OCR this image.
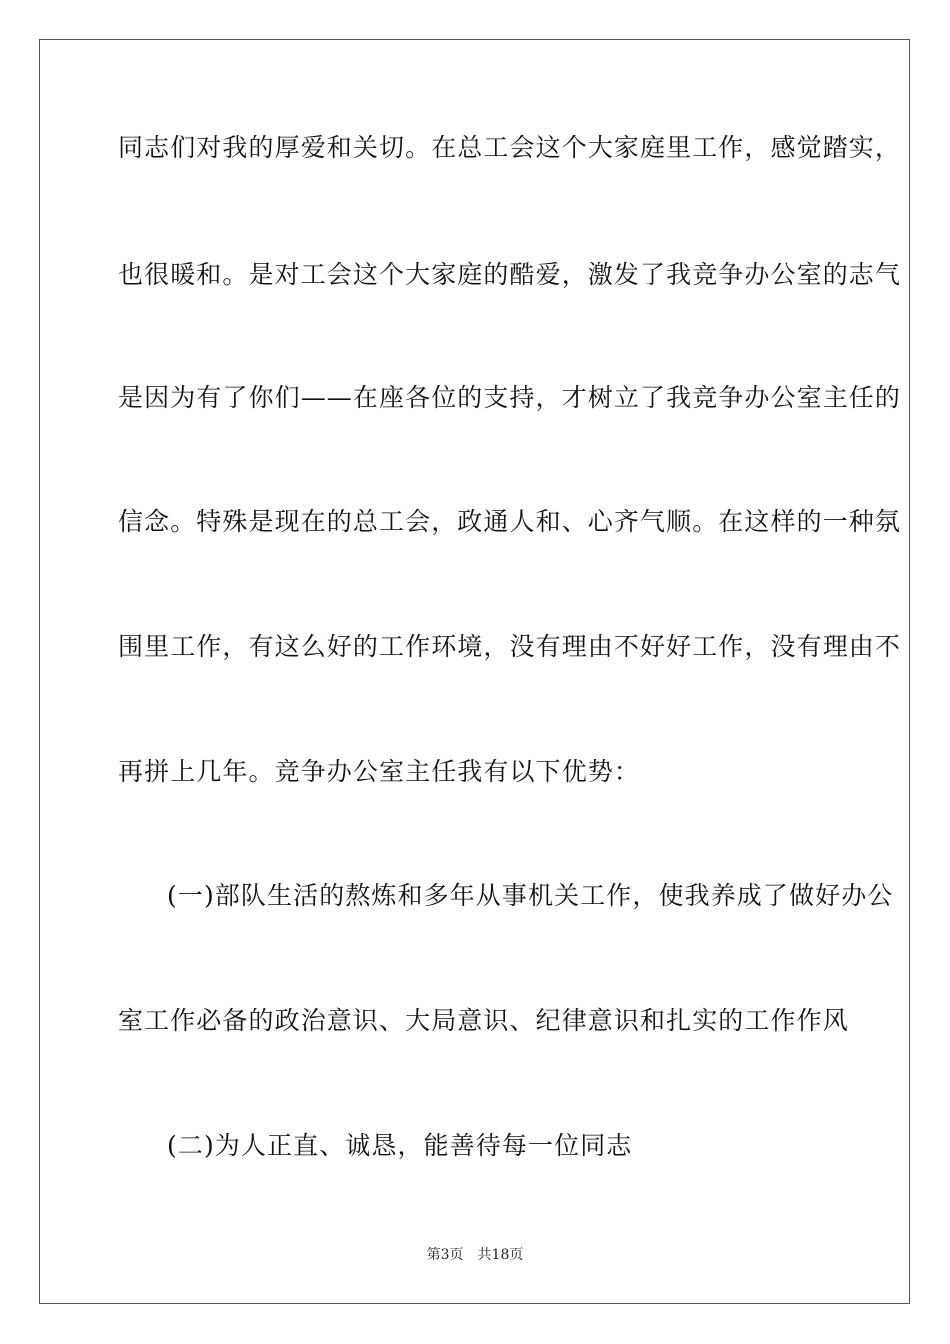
同志们对我的厚爱和关切。在总工会这个大家庭里工作，感觉踏实，
也很暖和。是对工会这个大家庭的酷爱，激发了我竞争办公室的志气
是因为有了你们——在座各位的支持，才树立了我竞争办公室主任的
信念。特殊是现在的总工会，政通人和、心齐气顺。在这样的一种氛
围里工作，有这么好的工作环境，没有理由不好好工作，没有理由不
再拼上几年。竞争办公室主任我有以下优势：
(一)部队生活的熬炼和多年从事机关工作，使我养成了做好办公
室工作必备的政治意识、大局意识、纪律意识和扎实的工作作风
(二)为人正直、诚恳，能善待每一位同志
第3页　共18页
